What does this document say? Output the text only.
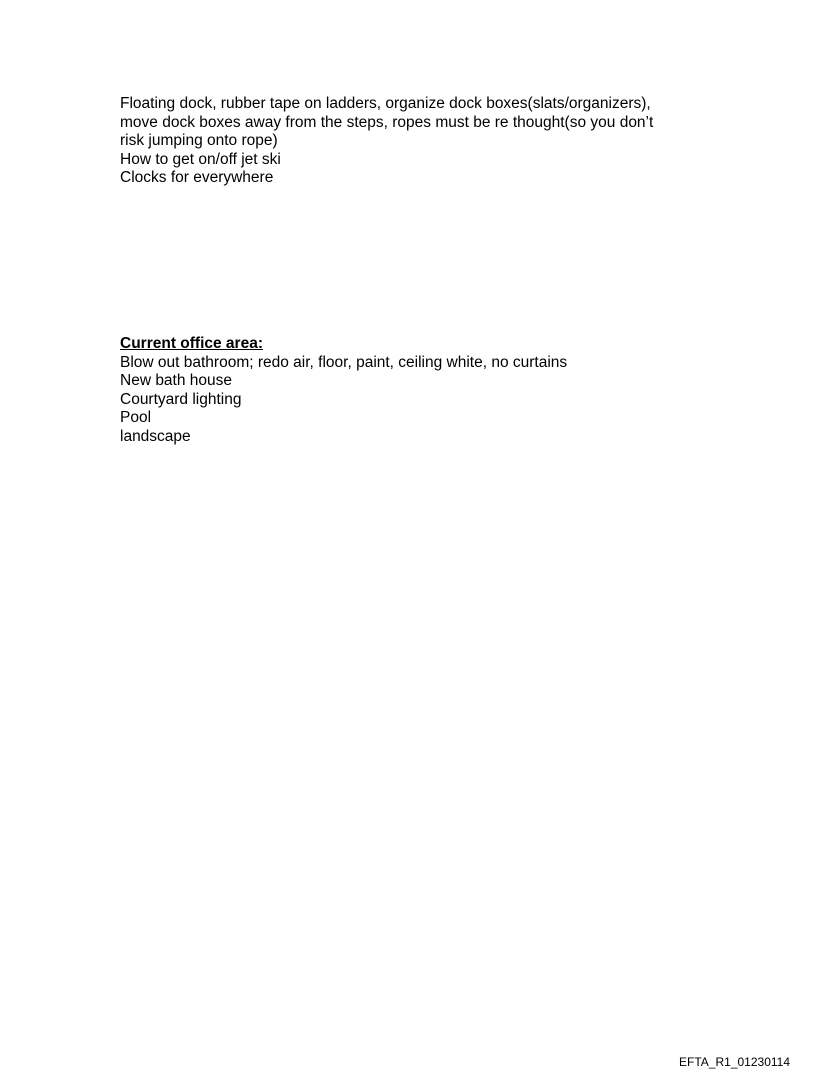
Floating dock, rubber tape on ladders, organize dock boxes(slats/organizers),
move dock boxes away from the steps, ropes must be re thought(so you don’t
risk jumping onto rope)
How to get on/off jet ski
Clocks for everywhere
Current office area:
Blow out bathroom; redo air, floor, paint, ceiling white, no curtains
New bath house
Courtyard lighting
Pool
landscape
EFTA_R1_01230114
